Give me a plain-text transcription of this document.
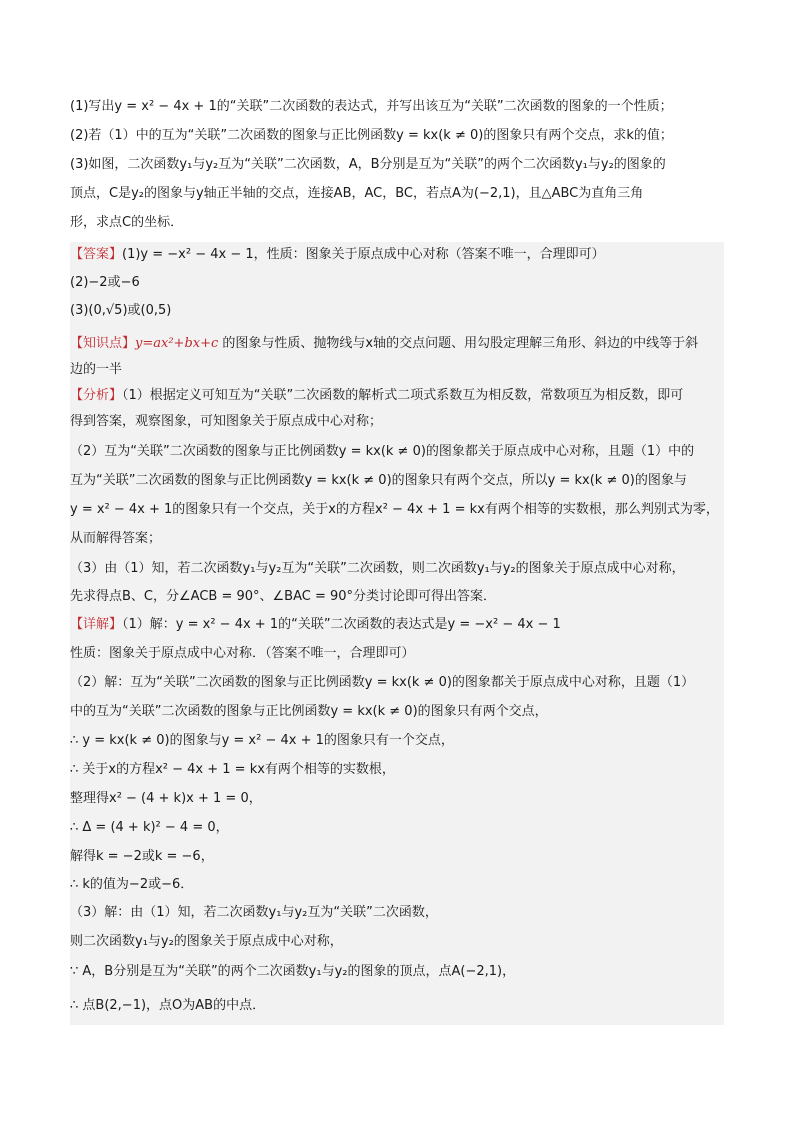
(1)写出y = x² − 4x + 1的“关联”二次函数的表达式，并写出该互为“关联”二次函数的图象的一个性质；
(2)若（1）中的互为“关联”二次函数的图象与正比例函数y = kx(k ≠ 0)的图象只有两个交点，求k的值；
(3)如图，二次函数y₁与y₂互为“关联”二次函数，A，B分别是互为“关联”的两个二次函数y₁与y₂的图象的
顶点，C是y₂的图象与y轴正半轴的交点，连接AB，AC，BC，若点A为(−2,1)，且△ABC为直角三角
形，求点C的坐标．
【答案】(1)y = −x² − 4x − 1，性质：图象关于原点成中心对称（答案不唯一，合理即可）
(2)−2或−6
(3)(0,√5)或(0,5)
【知识点】y=ax²+bx+c 的图象与性质、抛物线与x轴的交点问题、用勾股定理解三角形、斜边的中线等于斜
边的一半
【分析】（1）根据定义可知互为“关联”二次函数的解析式二项式系数互为相反数，常数项互为相反数，即可
得到答案，观察图象，可知图象关于原点成中心对称；
（2）互为“关联”二次函数的图象与正比例函数y = kx(k ≠ 0)的图象都关于原点成中心对称，且题（1）中的
互为“关联”二次函数的图象与正比例函数y = kx(k ≠ 0)的图象只有两个交点，所以y = kx(k ≠ 0)的图象与
y = x² − 4x + 1的图象只有一个交点，关于x的方程x² − 4x + 1 = kx有两个相等的实数根，那么判别式为零，
从而解得答案；
（3）由（1）知，若二次函数y₁与y₂互为“关联”二次函数，则二次函数y₁与y₂的图象关于原点成中心对称，
先求得点B、C，分∠ACB = 90°、∠BAC = 90°分类讨论即可得出答案．
【详解】（1）解：y = x² − 4x + 1的“关联”二次函数的表达式是y = −x² − 4x − 1
性质：图象关于原点成中心对称．（答案不唯一，合理即可）
（2）解：互为“关联”二次函数的图象与正比例函数y = kx(k ≠ 0)的图象都关于原点成中心对称，且题（1）
中的互为“关联”二次函数的图象与正比例函数y = kx(k ≠ 0)的图象只有两个交点，
∴ y = kx(k ≠ 0)的图象与y = x² − 4x + 1的图象只有一个交点，
∴ 关于x的方程x² − 4x + 1 = kx有两个相等的实数根，
整理得x² − (4 + k)x + 1 = 0，
∴ Δ = (4 + k)² − 4 = 0，
解得k = −2或k = −6，
∴ k的值为−2或−6．
（3）解：由（1）知，若二次函数y₁与y₂互为“关联”二次函数，
则二次函数y₁与y₂的图象关于原点成中心对称，
∵ A，B分别是互为“关联”的两个二次函数y₁与y₂的图象的顶点，点A(−2,1)，
∴ 点B(2,−1)，点O为AB的中点．
